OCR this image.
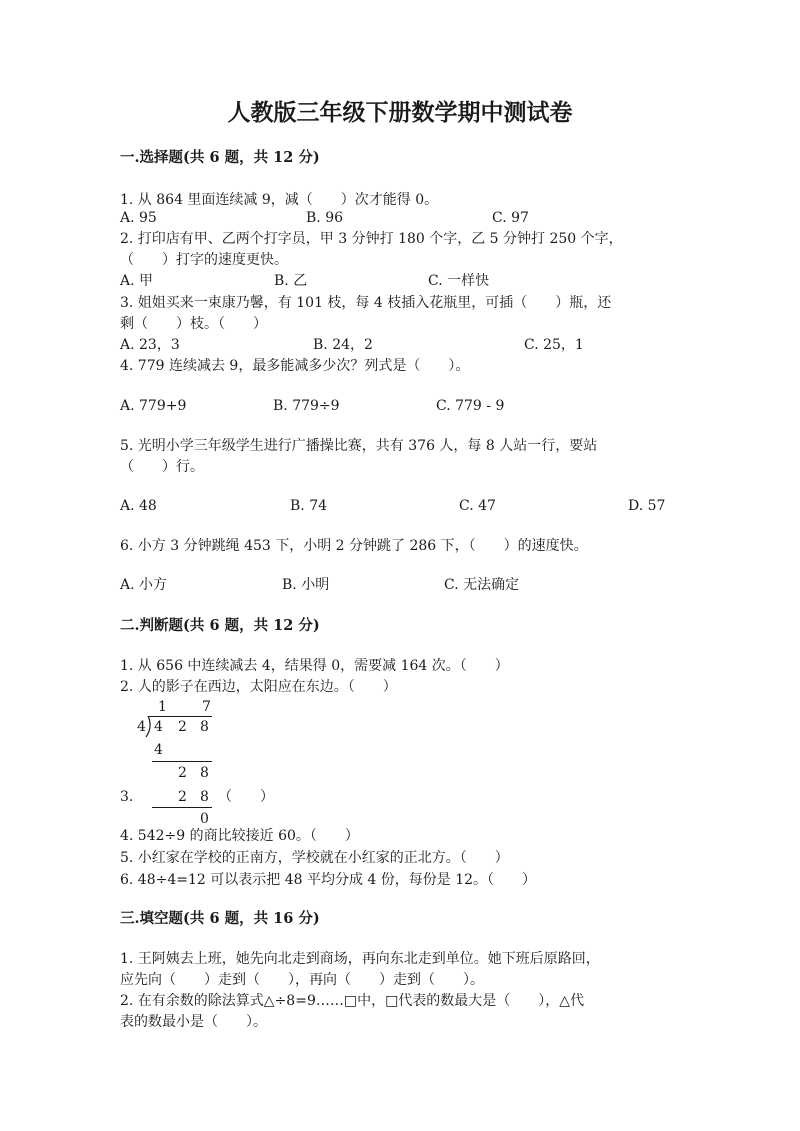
人教版三年级下册数学期中测试卷
一.选择题(共 6 题，共 12 分)
1. 从 864 里面连续减 9，减（　　）次才能得 0。
A. 95	B. 96	C. 97
2. 打印店有甲、乙两个打字员，甲 3 分钟打 180 个字，乙 5 分钟打 250 个字，
（　　）打字的速度更快。
A. 甲	B. 乙	C. 一样快
3. 姐姐买来一束康乃馨，有 101 枝，每 4 枝插入花瓶里，可插（　　）瓶，还
剩（　　）枝。（　　）
A. 23，3	B. 24，2	C. 25，1
4. 779 连续减去 9，最多能减多少次？列式是（　　）。
A. 779+9	B. 779÷9	C. 779 - 9
5. 光明小学三年级学生进行广播操比赛，共有 376 人，每 8 人站一行，要站
（　　）行。
A. 48	B. 74	C. 47	D. 57
6. 小方 3 分钟跳绳 453 下，小明 2 分钟跳了 286 下，（　　）的速度快。
A. 小方	B. 小明	C. 无法确定
二.判断题(共 6 题，共 12 分)
1. 从 656 中连续减去 4，结果得 0，需要减 164 次。（　　）
2. 人的影子在西边，太阳应在东边。（　　）
1	7
4 4 2 8
4
2 8
2 8
0
3.	（　　）
4. 542÷9 的商比较接近 60。（　　）
5. 小红家在学校的正南方，学校就在小红家的正北方。（　　）
6. 48÷4=12 可以表示把 48 平均分成 4 份，每份是 12。（　　）
三.填空题(共 6 题，共 16 分)
1. 王阿姨去上班，她先向北走到商场，再向东北走到单位。她下班后原路回，
应先向（　　）走到（　　），再向（　　）走到（　　）。
2. 在有余数的除法算式△÷8=9……□中，□代表的数最大是（　　），△代
表的数最小是（　　）。
